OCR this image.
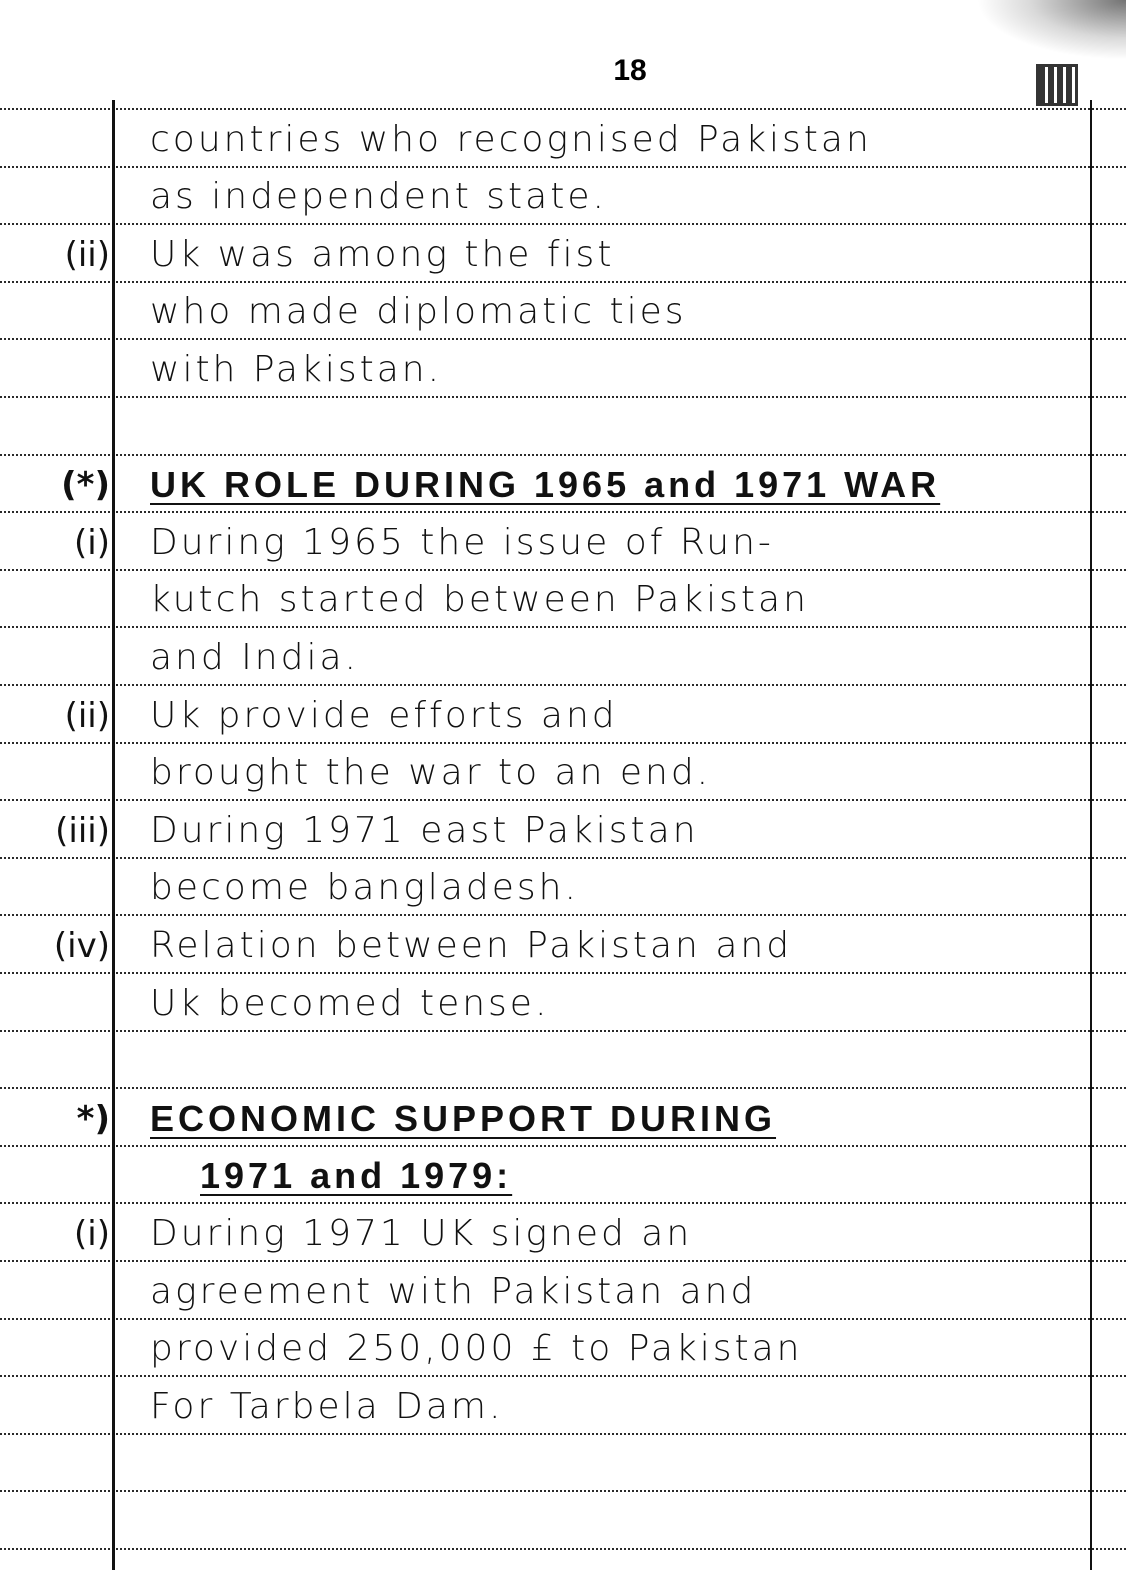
18
countries who recognised Pakistan
as independent state.
(ii) Uk was among the fist
who made diplomatic ties
with Pakistan.
(*) UK ROLE DURING 1965 and 1971 WAR
(i) During 1965 the issue of Run-
kutch started between Pakistan
and India.
(ii) Uk provide efforts and
brought the war to an end.
(iii) During 1971 east Pakistan
become bangladesh.
(iv) Relation between Pakistan and
Uk becomed tense.
*) ECONOMIC SUPPORT DURING
1971 and 1979:
(i) During 1971 UK signed an
agreement with Pakistan and
provided 250,000 £ to Pakistan
For Tarbela Dam.
